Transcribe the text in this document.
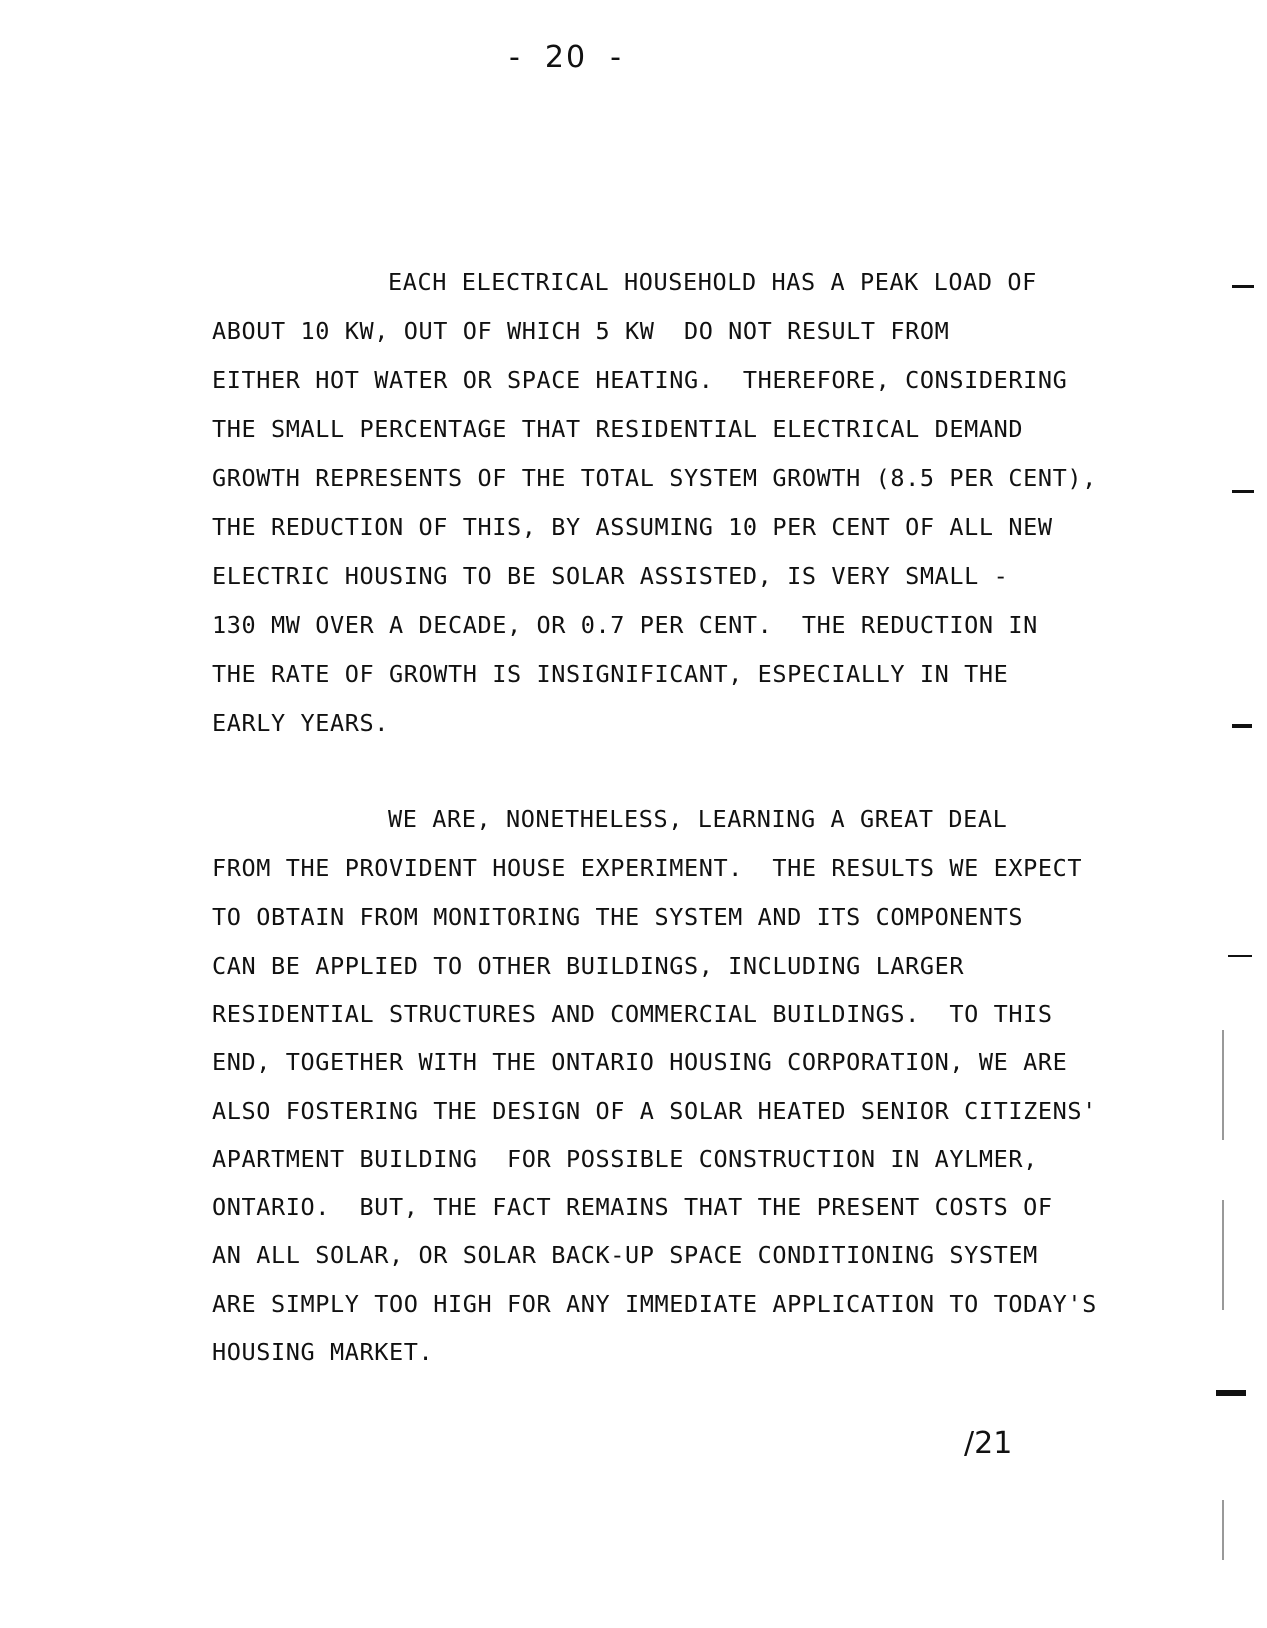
-  20  -
EACH ELECTRICAL HOUSEHOLD HAS A PEAK LOAD OF
ABOUT 10 KW, OUT OF WHICH 5 KW  DO NOT RESULT FROM
EITHER HOT WATER OR SPACE HEATING.  THEREFORE, CONSIDERING
THE SMALL PERCENTAGE THAT RESIDENTIAL ELECTRICAL DEMAND
GROWTH REPRESENTS OF THE TOTAL SYSTEM GROWTH (8.5 PER CENT),
THE REDUCTION OF THIS, BY ASSUMING 10 PER CENT OF ALL NEW
ELECTRIC HOUSING TO BE SOLAR ASSISTED, IS VERY SMALL -
130 MW OVER A DECADE, OR 0.7 PER CENT.  THE REDUCTION IN
THE RATE OF GROWTH IS INSIGNIFICANT, ESPECIALLY IN THE
EARLY YEARS.
WE ARE, NONETHELESS, LEARNING A GREAT DEAL
FROM THE PROVIDENT HOUSE EXPERIMENT.  THE RESULTS WE EXPECT
TO OBTAIN FROM MONITORING THE SYSTEM AND ITS COMPONENTS
CAN BE APPLIED TO OTHER BUILDINGS, INCLUDING LARGER
RESIDENTIAL STRUCTURES AND COMMERCIAL BUILDINGS.  TO THIS
END, TOGETHER WITH THE ONTARIO HOUSING CORPORATION, WE ARE
ALSO FOSTERING THE DESIGN OF A SOLAR HEATED SENIOR CITIZENS'
APARTMENT BUILDING  FOR POSSIBLE CONSTRUCTION IN AYLMER,
ONTARIO.  BUT, THE FACT REMAINS THAT THE PRESENT COSTS OF
AN ALL SOLAR, OR SOLAR BACK-UP SPACE CONDITIONING SYSTEM
ARE SIMPLY TOO HIGH FOR ANY IMMEDIATE APPLICATION TO TODAY'S
HOUSING MARKET.
/21
